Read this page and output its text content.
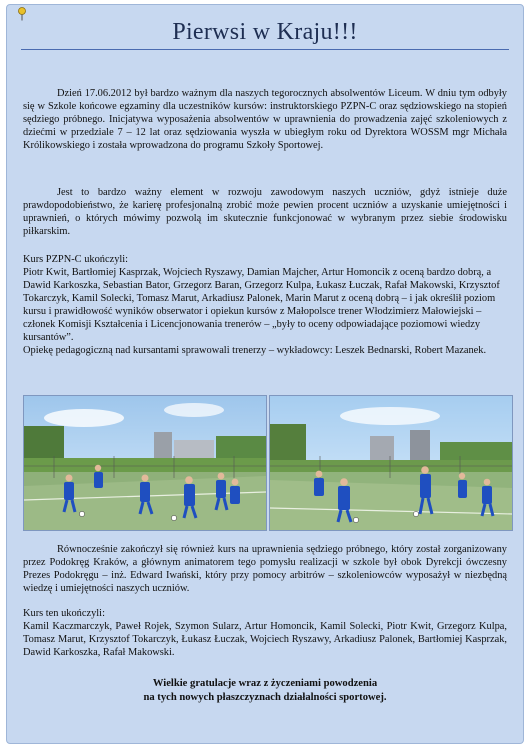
Pierwsi w Kraju!!!

Dzień 17.06.2012 był bardzo ważnym dla naszych tegorocznych absolwentów Liceum. W dniu tym odbyły się w Szkole końcowe egzaminy dla uczestników kursów: instruktorskiego PZPN-C oraz sędziowskiego na stopień sędziego próbnego. Inicjatywa wyposażenia absolwentów w uprawnienia do prowadzenia zajęć szkoleniowych z dziećmi w przedziale 7 – 12 lat oraz sędziowania wyszła w ubiegłym roku od Dyrektora WOSSM mgr Michała Królikowskiego i została wprowadzona do programu Szkoły Sportowej.

Jest to bardzo ważny element w rozwoju zawodowym naszych uczniów, gdyż istnieje duże prawdopodobieństwo, że karierę profesjonalną zrobić może pewien procent uczniów a uzyskanie umiejętności i uprawnień, o których mówimy pozwolą im skutecznie funkcjonować w wybranym przez siebie środowisku piłkarskim.

Kurs PZPN-C ukończyli:
Piotr Kwit, Bartłomiej Kasprzak, Wojciech Ryszawy, Damian Majcher, Artur Homoncik z oceną bardzo dobrą, a Dawid Karkoszka, Sebastian Bator, Grzegorz Baran, Grzegorz Kulpa, Łukasz Łuczak, Rafał Makowski, Krzysztof Tokarczyk, Kamil Solecki, Tomasz Marut, Arkadiusz Palonek, Marin Marut z oceną dobrą – i jak określił poziom kursu i prawidłowość wyników obserwator i opiekun kursów z Małopolsce trener Włodzimierz Małowiejski – członek Komisji Kształcenia i Licencjonowania trenerów – „były to oceny odpowiadające poziomowi wiedzy kursantów”.
Opiekę pedagogiczną nad kursantami sprawowali trenerzy – wykładowcy: Leszek Bednarski, Robert Mazanek.

Równocześnie zakończył się również kurs na uprawnienia sędziego próbnego, który został zorganizowany przez Podokręg Kraków, a głównym animatorem tego pomysłu realizacji w szkole był obok Dyrekcji ówczesny Prezes Podokręgu – inż. Edward Iwański, który przy pomocy arbitrów – szkoleniowców wyposażył w niezbędną wiedzę i umiejętności naszych uczniów.

Kurs ten ukończyli:
Kamil Kaczmarczyk, Paweł Rojek, Szymon Sularz, Artur Homoncik, Kamil Solecki, Piotr Kwit, Grzegorz Kulpa, Tomasz Marut, Krzysztof Tokarczyk, Łukasz Łuczak, Wojciech Ryszawy, Arkadiusz Palonek, Bartłomiej Kasprzak, Dawid Karkoszka, Rafał Makowski.
Wielkie gratulacje wraz z życzeniami powodzenia
na tych nowych płaszczyznach działalności sportowej.
